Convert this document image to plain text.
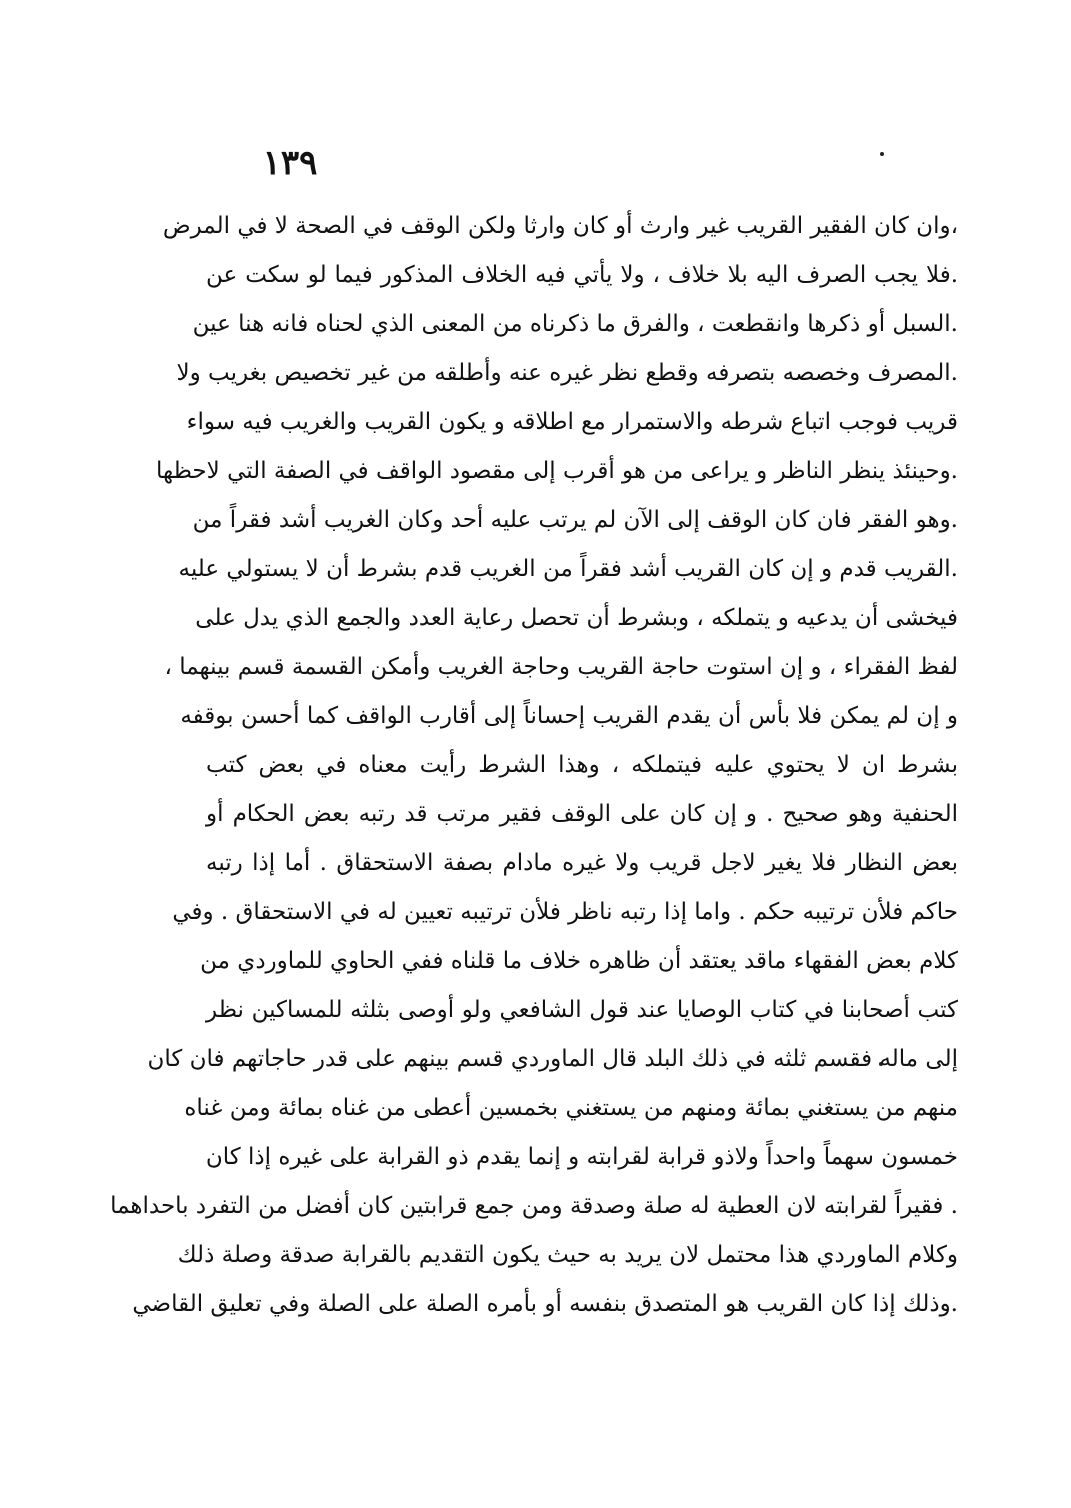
١٣٩
،وان كان الفقير القريب غير وارث أو كان وارثا ولكن الوقف في الصحة لا في المرض
.فلا يجب الصرف اليه بلا خلاف ، ولا يأتي فيه الخلاف المذكور فيما لو سكت عن
.السبل أو ذكرها وانقطعت ، والفرق ما ذكرناه من المعنى الذي لحناه فانه هنا عين
.المصرف وخصصه بتصرفه وقطع نظر غيره عنه وأطلقه من غير تخصيص بغريب ولا
قريب فوجب اتباع شرطه والاستمرار مع اطلاقه و يكون القريب والغريب فيه سواء
.وحينئذ ينظر الناظر و يراعى من هو أقرب إلى مقصود الواقف في الصفة التي لاحظها
.وهو الفقر فان كان الوقف إلى الآن لم يرتب عليه أحد وكان الغريب أشد فقراً من
.القريب قدم و إن كان القريب أشد فقراً من الغريب قدم بشرط أن لا يستولي عليه
فيخشى أن يدعيه و يتملكه ، وبشرط أن تحصل رعاية العدد والجمع الذي يدل على
لفظ الفقراء ، و إن استوت حاجة القريب وحاجة الغريب وأمكن القسمة قسم بينهما ،
و إن لم يمكن فلا بأس أن يقدم القريب إحساناً إلى أقارب الواقف كما أحسن بوقفه
بشرط ان لا يحتوي عليه فيتملكه ، وهذا الشرط رأيت معناه في بعض كتب
الحنفية وهو صحيح . و إن كان على الوقف فقير مرتب قد رتبه بعض الحكام أو
بعض النظار فلا يغير لاجل قريب ولا غيره مادام بصفة الاستحقاق . أما إذا رتبه
حاكم فلأن ترتيبه حكم . واما إذا رتبه ناظر فلأن ترتيبه تعيين له في الاستحقاق . وفي
كلام بعض الفقهاء ماقد يعتقد أن ظاهره خلاف ما قلناه ففي الحاوي للماوردي من
كتب أصحابنا في كتاب الوصايا عند قول الشافعي ولو أوصى بثلثه للمساكين نظر
إلى ماله فقسم ثلثه في ذلك البلد قال الماوردي قسم بينهم على قدر حاجاتهم فان كان
منهم من يستغني بمائة ومنهم من يستغني بخمسين أعطى من غناه بمائة ومن غناه
خمسون سهماً واحداً ولاذو قرابة لقرابته و إنما يقدم ذو القرابة على غيره إذا كان
. فقيراً لقرابته لان العطية له صلة وصدقة ومن جمع قرابتين كان أفضل من التفرد باحداهما
وكلام الماوردي هذا محتمل لان يريد به حيث يكون التقديم بالقرابة صدقة وصلة ذلك
.وذلك إذا كان القريب هو المتصدق بنفسه أو بأمره الصلة على الصلة وفي تعليق القاضي
